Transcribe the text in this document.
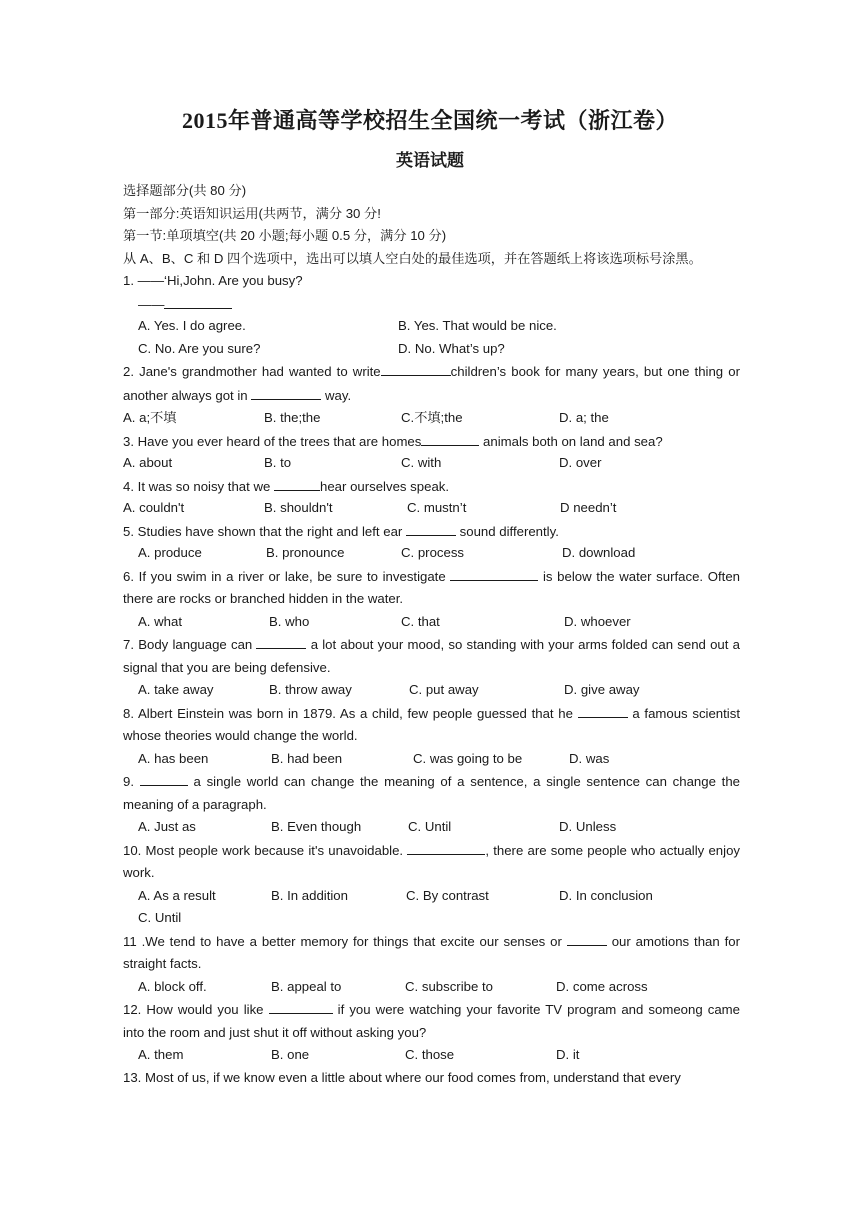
2015年普通高等学校招生全国统一考试（浙江卷）
英语试题
选择题部分(共 80 分)
第一部分:英语知识运用(共两节，满分 30 分!
第一节:单项填空(共 20 小题;每小题 0.5 分，满分 10 分)
从 A、B、C 和 D 四个选项中，选出可以填人空白处的最佳选项，并在答题纸上将该选项标号涂黑。
1. ——‘Hi,John. Are you busy?
——
A. Yes. I do agree.	B. Yes. That would be nice.
C. No. Are you sure?	D. No. What’s up?
2. Jane's grandmother had wanted to write	children’s book for many years, but one thing or another always got in	way.
A. a;不填	B. the;the	C.不填;the	D. a; the
3. Have you ever heard of the trees that are homes	animals both on land and sea?
A. about	B. to	C. with	D. over
4. It was so noisy that we	hear ourselves speak.
A. couldn't	B. shouldn't	C. mustn’t	D needn’t
5. Studies have shown that the right and left ear	sound differently.
A. produce	B. pronounce	C. process	D. download
6. If you swim in a river or lake, be sure to investigate	is below the water surface. Often there are rocks or branched hidden in the water.
A. what	B. who	C. that	D. whoever
7. Body language can	a lot about your mood, so standing with your arms folded can send out a signal that you are being defensive.
A. take away	B. throw away	C. put away	D. give away
8. Albert Einstein was born in 1879. As a child, few people guessed that he	a famous scientist whose theories would change the world.
A. has been	B. had been	C. was going to be	D. was
9.	a single world can change the meaning of a sentence, a single sentence can change the meaning of a paragraph.
A. Just as	B. Even though	C. Until	D. Unless
10. Most people work because it's unavoidable.	, there are some people who actually enjoy work.
A. As a result	B. In addition	C. By contrast	D. In conclusion
C. Until
11 .We tend to have a better memory for things that excite our senses or	our amotions than for straight facts.
A. block off.	B. appeal to	C. subscribe to	D. come across
12. How would you like	if you were watching your favorite TV program and someong came into the room and just shut it off without asking you?
A. them	B. one	C. those	D. it
13. Most of us, if we know even a little about where our food comes from, understand that every
